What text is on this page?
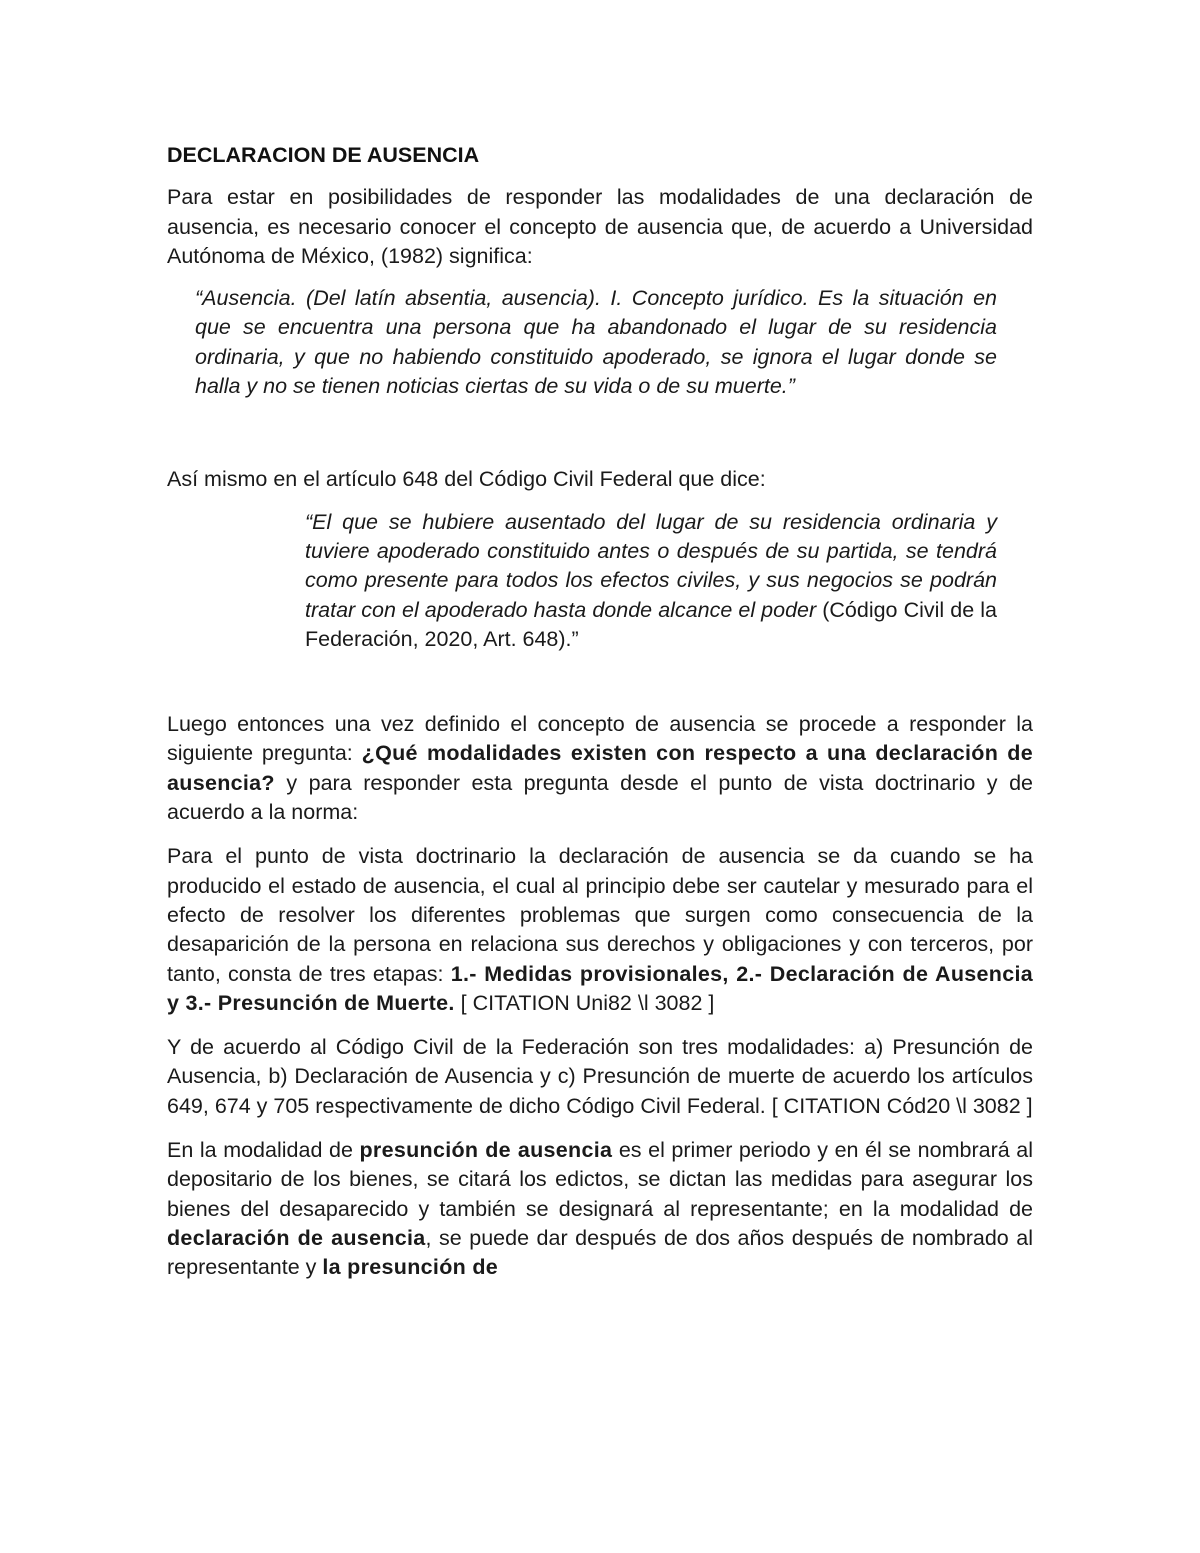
DECLARACION DE AUSENCIA

Para estar en posibilidades de responder las modalidades de una declaración de ausencia, es necesario conocer el concepto de ausencia que, de acuerdo a Universidad Autónoma de México, (1982) significa:

“Ausencia. (Del latín absentia, ausencia). I. Concepto jurídico. Es la situación en que se encuentra una persona que ha abandonado el lugar de su residencia ordinaria, y que no habiendo constituido apoderado, se ignora el lugar donde se halla y no se tienen noticias ciertas de su vida o de su muerte.”

Así mismo en el artículo 648 del Código Civil Federal que dice:

“El que se hubiere ausentado del lugar de su residencia ordinaria y tuviere apoderado constituido antes o después de su partida, se tendrá como presente para todos los efectos civiles, y sus negocios se podrán tratar con el apoderado hasta donde alcance el poder (Código Civil de la Federación, 2020, Art. 648).”

Luego entonces una vez definido el concepto de ausencia se procede a responder la siguiente pregunta: ¿Qué modalidades existen con respecto a una declaración de ausencia? y para responder esta pregunta desde el punto de vista doctrinario y de acuerdo a la norma:

Para el punto de vista doctrinario la declaración de ausencia se da cuando se ha producido el estado de ausencia, el cual al principio debe ser cautelar y mesurado para el efecto de resolver los diferentes problemas que surgen como consecuencia de la desaparición de la persona en relaciona sus derechos y obligaciones y con terceros, por tanto, consta de tres etapas: 1.- Medidas provisionales, 2.- Declaración de Ausencia y 3.- Presunción de Muerte. [ CITATION Uni82 \l 3082 ]

Y de acuerdo al Código Civil de la Federación son tres modalidades: a) Presunción de Ausencia, b) Declaración de Ausencia y c) Presunción de muerte de acuerdo los artículos 649, 674 y 705 respectivamente de dicho Código Civil Federal. [ CITATION Cód20 \l 3082 ]

En la modalidad de presunción de ausencia es el primer periodo y en él se nombrará al depositario de los bienes, se citará los edictos, se dictan las medidas para asegurar los bienes del desaparecido y también se designará al representante; en la modalidad de declaración de ausencia, se puede dar después de dos años después de nombrado al representante y la presunción de
